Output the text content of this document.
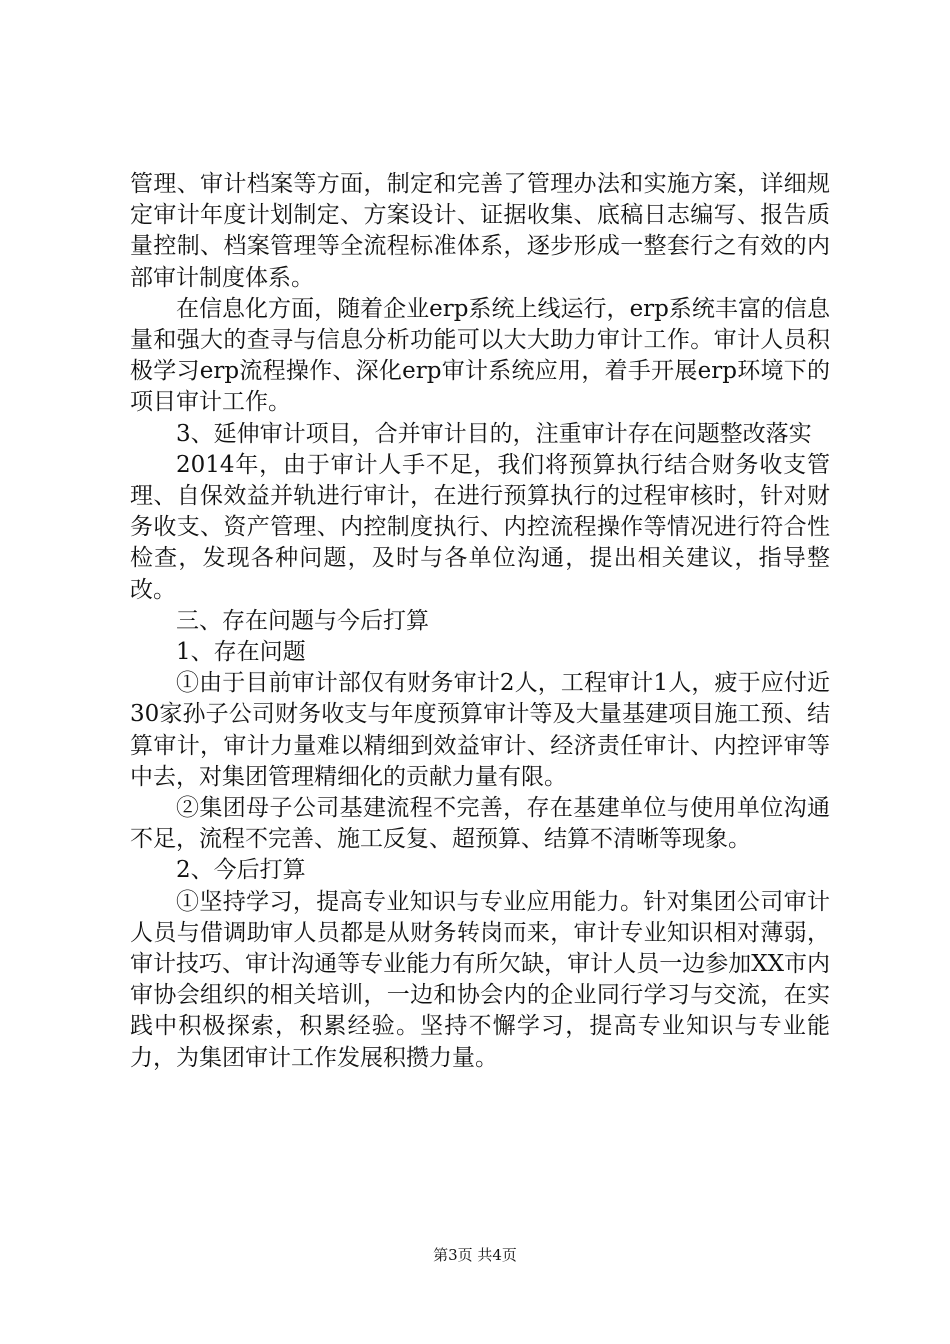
管理、审计档案等方面，制定和完善了管理办法和实施方案，详细规定审计年度计划制定、方案设计、证据收集、底稿日志编写、报告质量控制、档案管理等全流程标准体系，逐步形成一整套行之有效的内部审计制度体系。

在信息化方面，随着企业erp系统上线运行，erp系统丰富的信息量和强大的查寻与信息分析功能可以大大助力审计工作。审计人员积极学习erp流程操作、深化erp审计系统应用，着手开展erp环境下的项目审计工作。

3、延伸审计项目，合并审计目的，注重审计存在问题整改落实

2014年，由于审计人手不足，我们将预算执行结合财务收支管理、自保效益并轨进行审计，在进行预算执行的过程审核时，针对财务收支、资产管理、内控制度执行、内控流程操作等情况进行符合性检查，发现各种问题，及时与各单位沟通，提出相关建议，指导整改。

三、存在问题与今后打算

1、存在问题

①由于目前审计部仅有财务审计2人，工程审计1人，疲于应付近30家孙子公司财务收支与年度预算审计等及大量基建项目施工预、结算审计，审计力量难以精细到效益审计、经济责任审计、内控评审等中去，对集团管理精细化的贡献力量有限。

②集团母子公司基建流程不完善，存在基建单位与使用单位沟通不足，流程不完善、施工反复、超预算、结算不清晰等现象。

2、今后打算

①坚持学习，提高专业知识与专业应用能力。针对集团公司审计人员与借调助审人员都是从财务转岗而来，审计专业知识相对薄弱，审计技巧、审计沟通等专业能力有所欠缺，审计人员一边参加XX市内审协会组织的相关培训，一边和协会内的企业同行学习与交流，在实践中积极探索，积累经验。坚持不懈学习，提高专业知识与专业能力，为集团审计工作发展积攒力量。

第3页 共4页
